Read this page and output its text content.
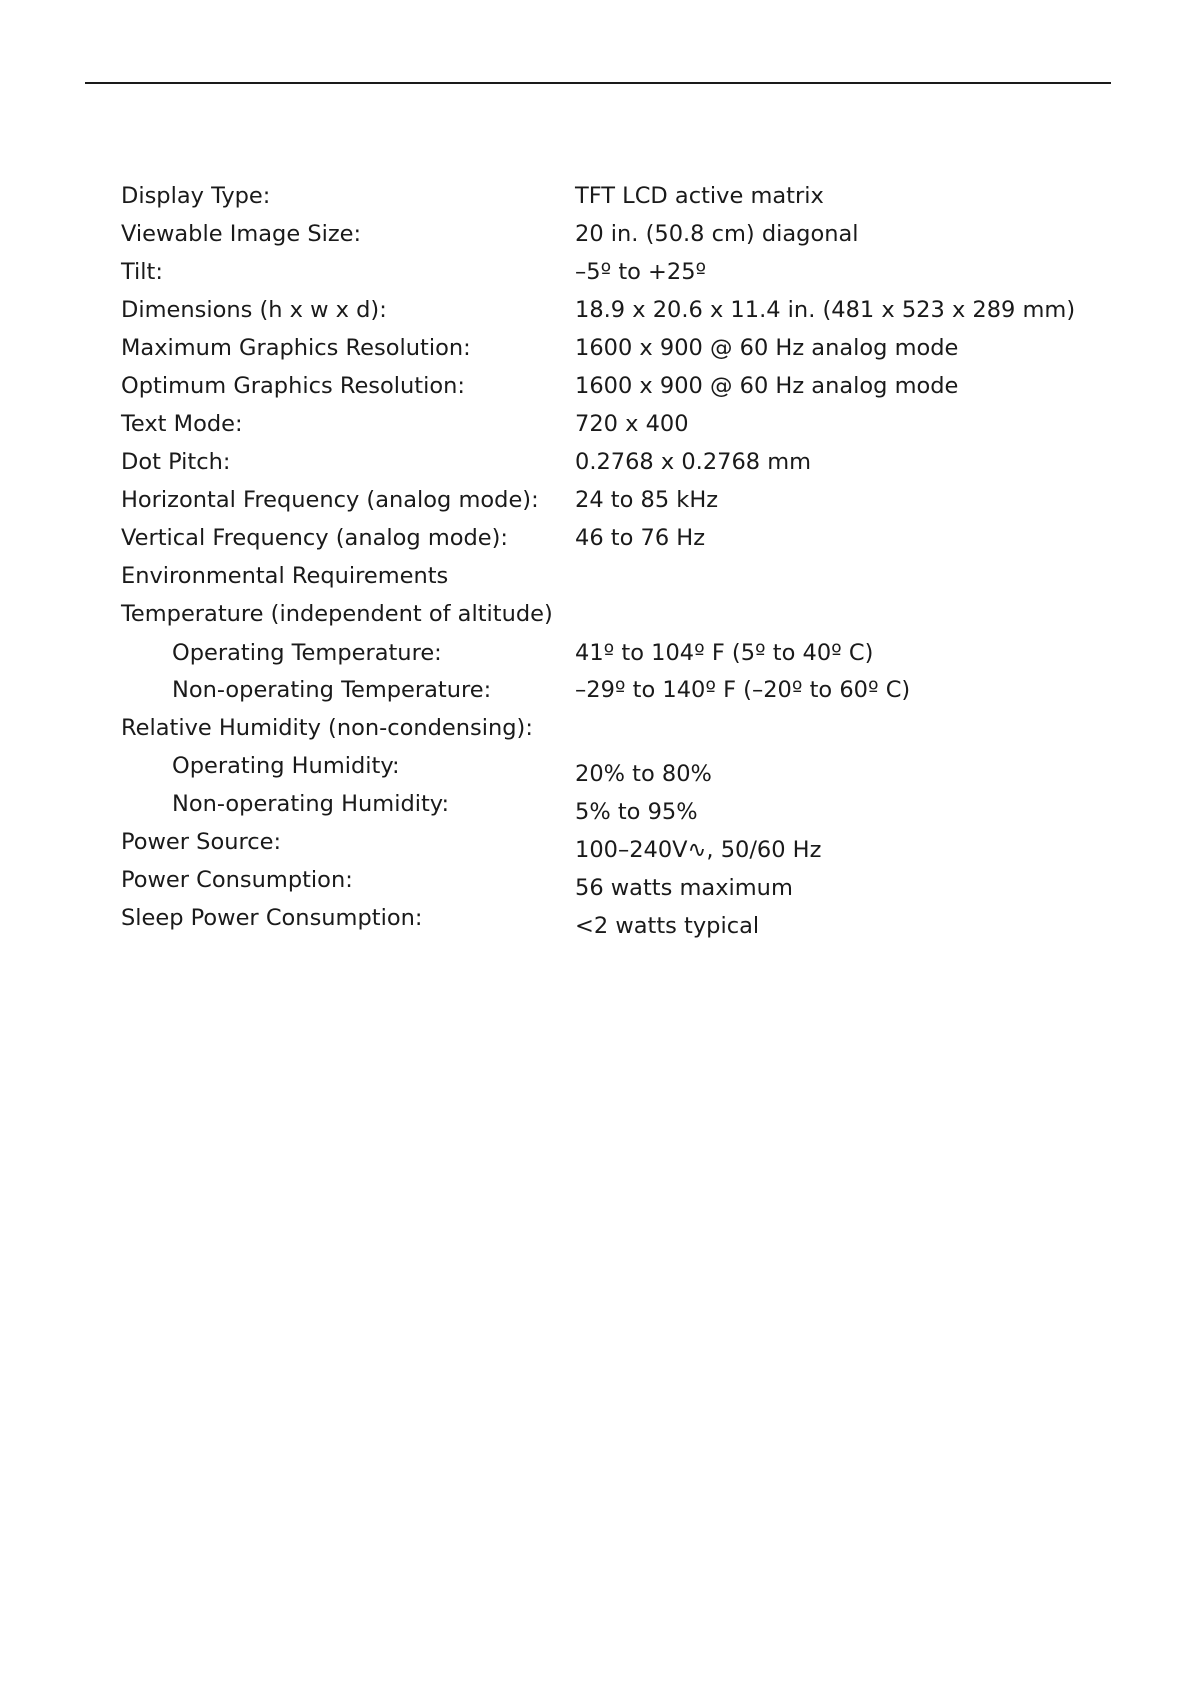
Display Type:	TFT LCD active matrix
Viewable Image Size:	20 in. (50.8 cm) diagonal
Tilt:	–5º to +25º
Dimensions (h x w x d):	18.9 x 20.6 x 11.4 in. (481 x 523 x 289 mm)
Maximum Graphics Resolution:	1600 x 900 @ 60 Hz analog mode
Optimum Graphics Resolution:	1600 x 900 @ 60 Hz analog mode
Text Mode:	720 x 400
Dot Pitch:	0.2768 x 0.2768 mm
Horizontal Frequency (analog mode): 24 to 85 kHz
Vertical Frequency (analog mode):	46 to 76 Hz
Environmental Requirements
Temperature (independent of altitude)
Operating Temperature:	41º to 104º F (5º to 40º C)
Non-operating Temperature:	–29º to 140º F (–20º to 60º C)
Relative Humidity (non-condensing):
Operating Humidity:	20% to 80%
Non-operating Humidity:	5% to 95%
Power Source:	100–240V∿, 50/60 Hz
Power Consumption:	56 watts maximum
Sleep Power Consumption:	<2 watts typical
